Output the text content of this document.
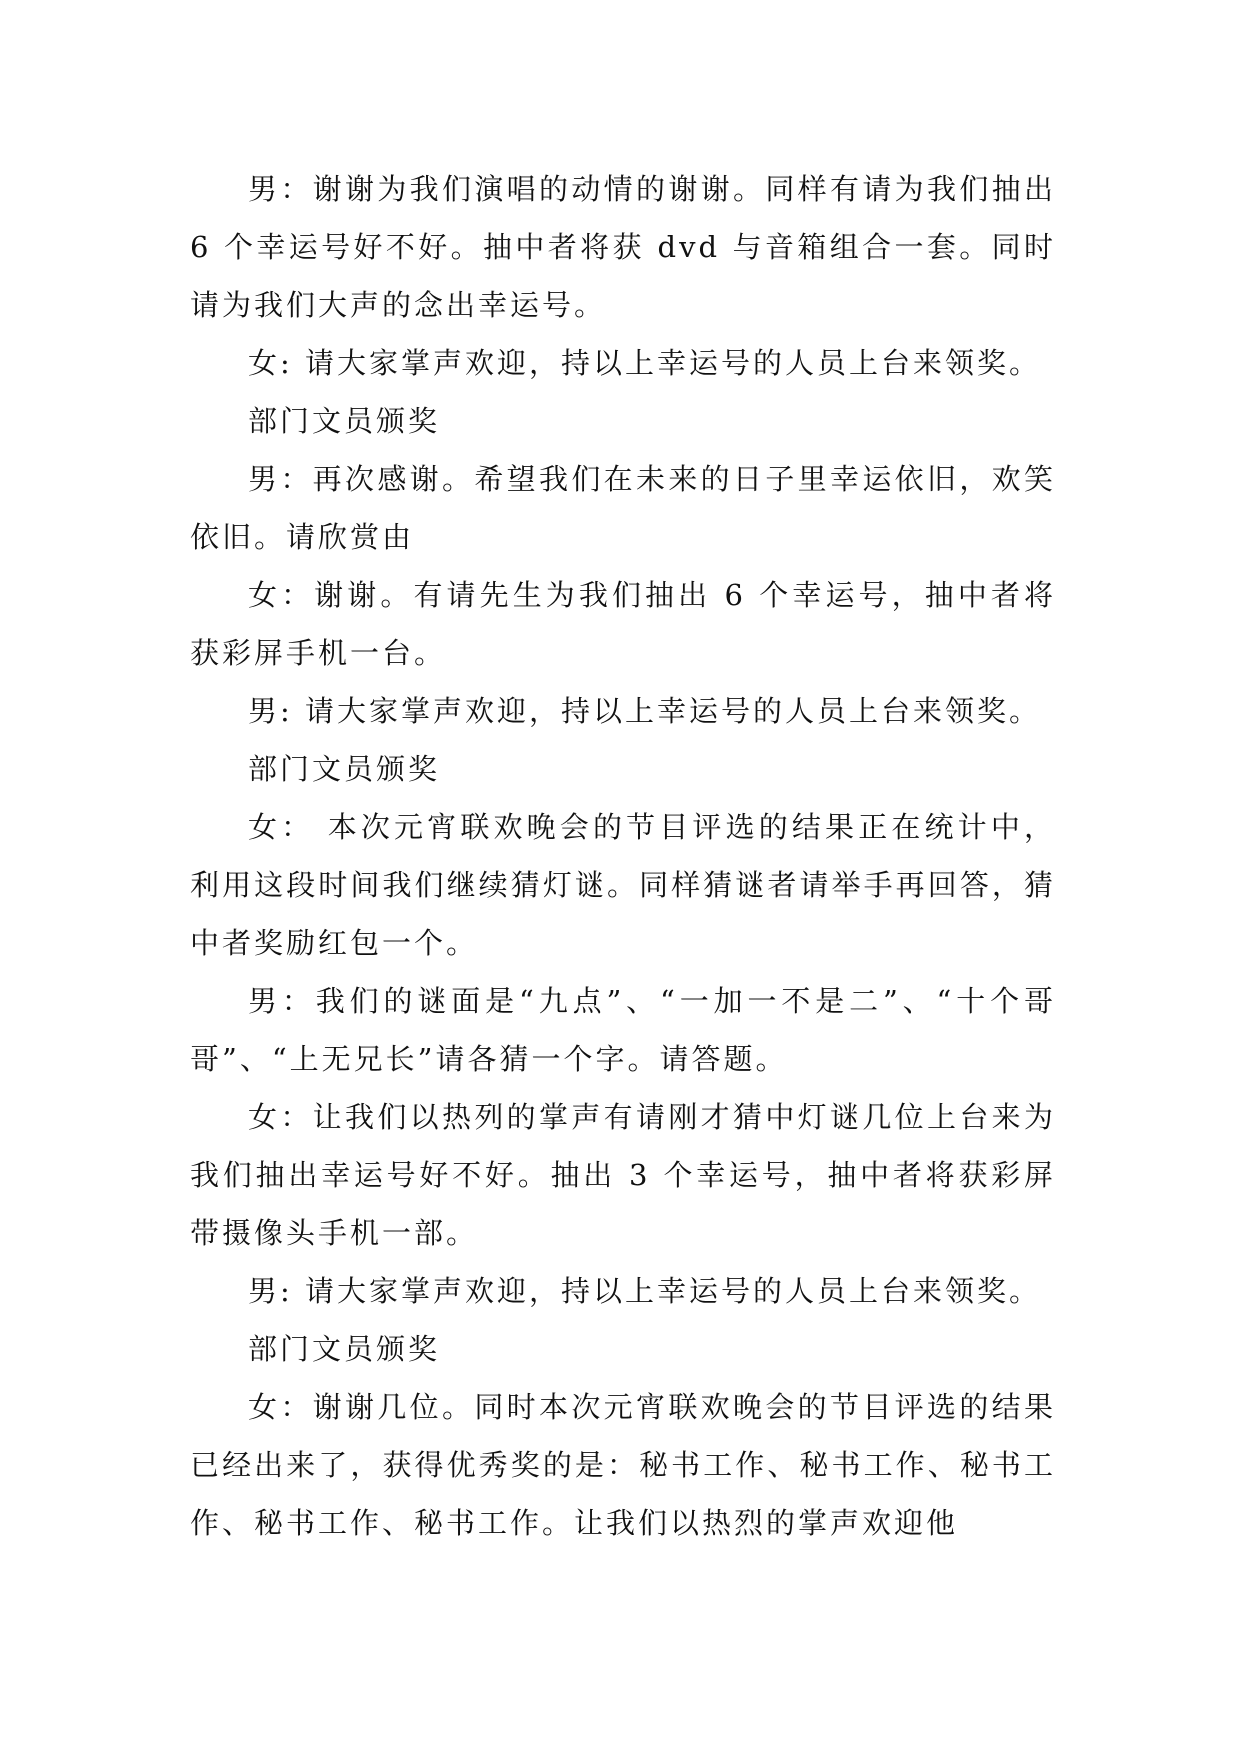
男：谢谢为我们演唱的动情的谢谢。同样有请为我们抽出 6 个幸运号好不好。抽中者将获 dvd 与音箱组合一套。同时请为我们大声的念出幸运号。

女: 请大家掌声欢迎，持以上幸运号的人员上台来领奖。

部门文员颁奖

男：再次感谢。希望我们在未来的日子里幸运依旧，欢笑依旧。请欣赏由

女：谢谢。有请先生为我们抽出 6 个幸运号，抽中者将获彩屏手机一台。

男: 请大家掌声欢迎，持以上幸运号的人员上台来领奖。

部门文员颁奖

女： 本次元宵联欢晚会的节目评选的结果正在统计中，利用这段时间我们继续猜灯谜。同样猜谜者请举手再回答，猜中者奖励红包一个。

男：我们的谜面是“九点”、“一加一不是二”、“十个哥哥”、“上无兄长”请各猜一个字。请答题。

女：让我们以热列的掌声有请刚才猜中灯谜几位上台来为我们抽出幸运号好不好。抽出 3 个幸运号，抽中者将获彩屏带摄像头手机一部。

男: 请大家掌声欢迎，持以上幸运号的人员上台来领奖。

部门文员颁奖

女：谢谢几位。同时本次元宵联欢晚会的节目评选的结果已经出来了，获得优秀奖的是：秘书工作、秘书工作、秘书工作、秘书工作、秘书工作。让我们以热烈的掌声欢迎他
